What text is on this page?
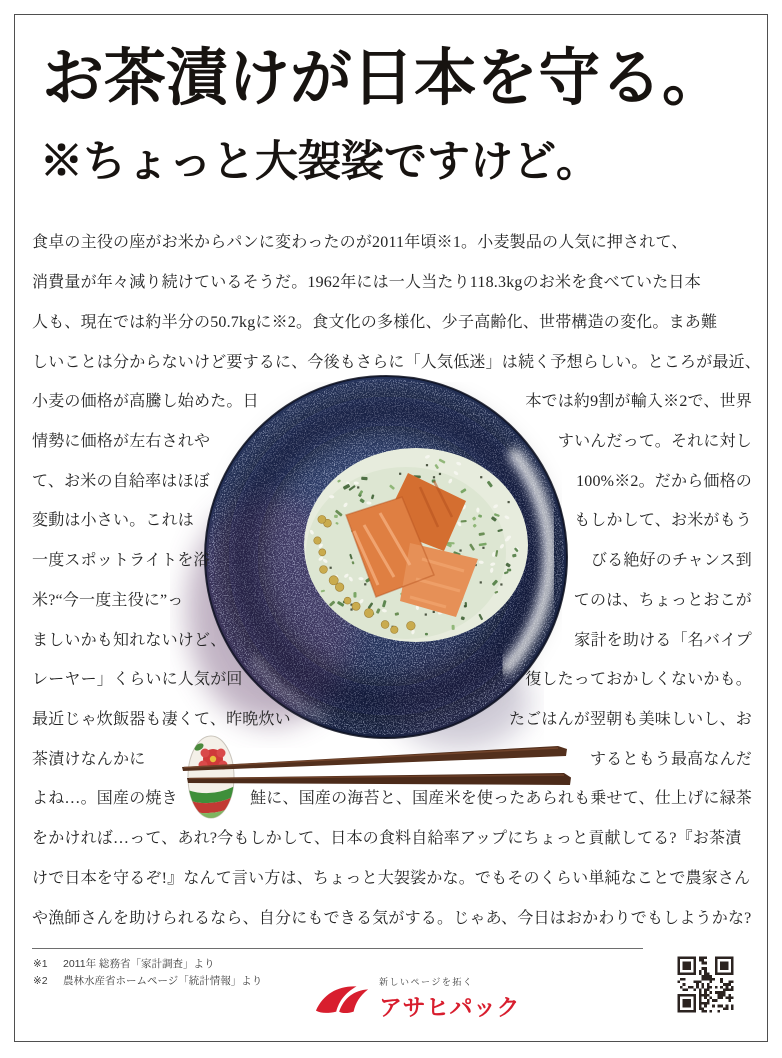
お茶漬けが日本を守る。
※ちょっと大袈裟ですけど。
食卓の主役の座がお米からパンに変わったのが2011年頃※1。小麦製品の人気に押されて、
消費量が年々減り続けているそうだ。1962年には一人当たり118.3kgのお米を食べていた日本
人も、現在では約半分の50.7kgに※2。食文化の多様化、少子高齢化、世帯構造の変化。まあ難
しいことは分からないけど要するに、今後もさらに「人気低迷」は続く予想らしい。ところが最近、
小麦の価格が高騰し始めた。日	本では約9割が輸入※2で、世界
情勢に価格が左右されや	すいんだって。それに対し
て、お米の自給率はほぼ	100%※2。だから価格の
変動は小さい。これは	もしかして、お米がもう
一度スポットライトを浴	びる絶好のチャンス到
米?“今一度主役に”っ	てのは、ちょっとおこが
ましいかも知れないけど、	家計を助ける「名バイプ
レーヤー」くらいに人気が回	復したっておかしくないかも。
最近じゃ炊飯器も凄くて、昨晩炊い	たごはんが翌朝も美味しいし、お
茶漬けなんかに	するともう最高なんだ
よね…。国産の焼き	鮭に、国産の海苔と、国産米を使ったあられも乗せて、仕上げに緑茶
をかければ…って、あれ?今もしかして、日本の食料自給率アップにちょっと貢献してる?『お茶漬
けで日本を守るぞ!』なんて言い方は、ちょっと大袈裟かな。でもそのくらい単純なことで農家さん
や漁師さんを助けられるなら、自分にもできる気がする。じゃあ、今日はおかわりでもしようかな?
※1	2011年 総務省「家計調査」より
※2	農林水産省ホームページ「統計情報」より	新しいページを拓く
アサヒパック
